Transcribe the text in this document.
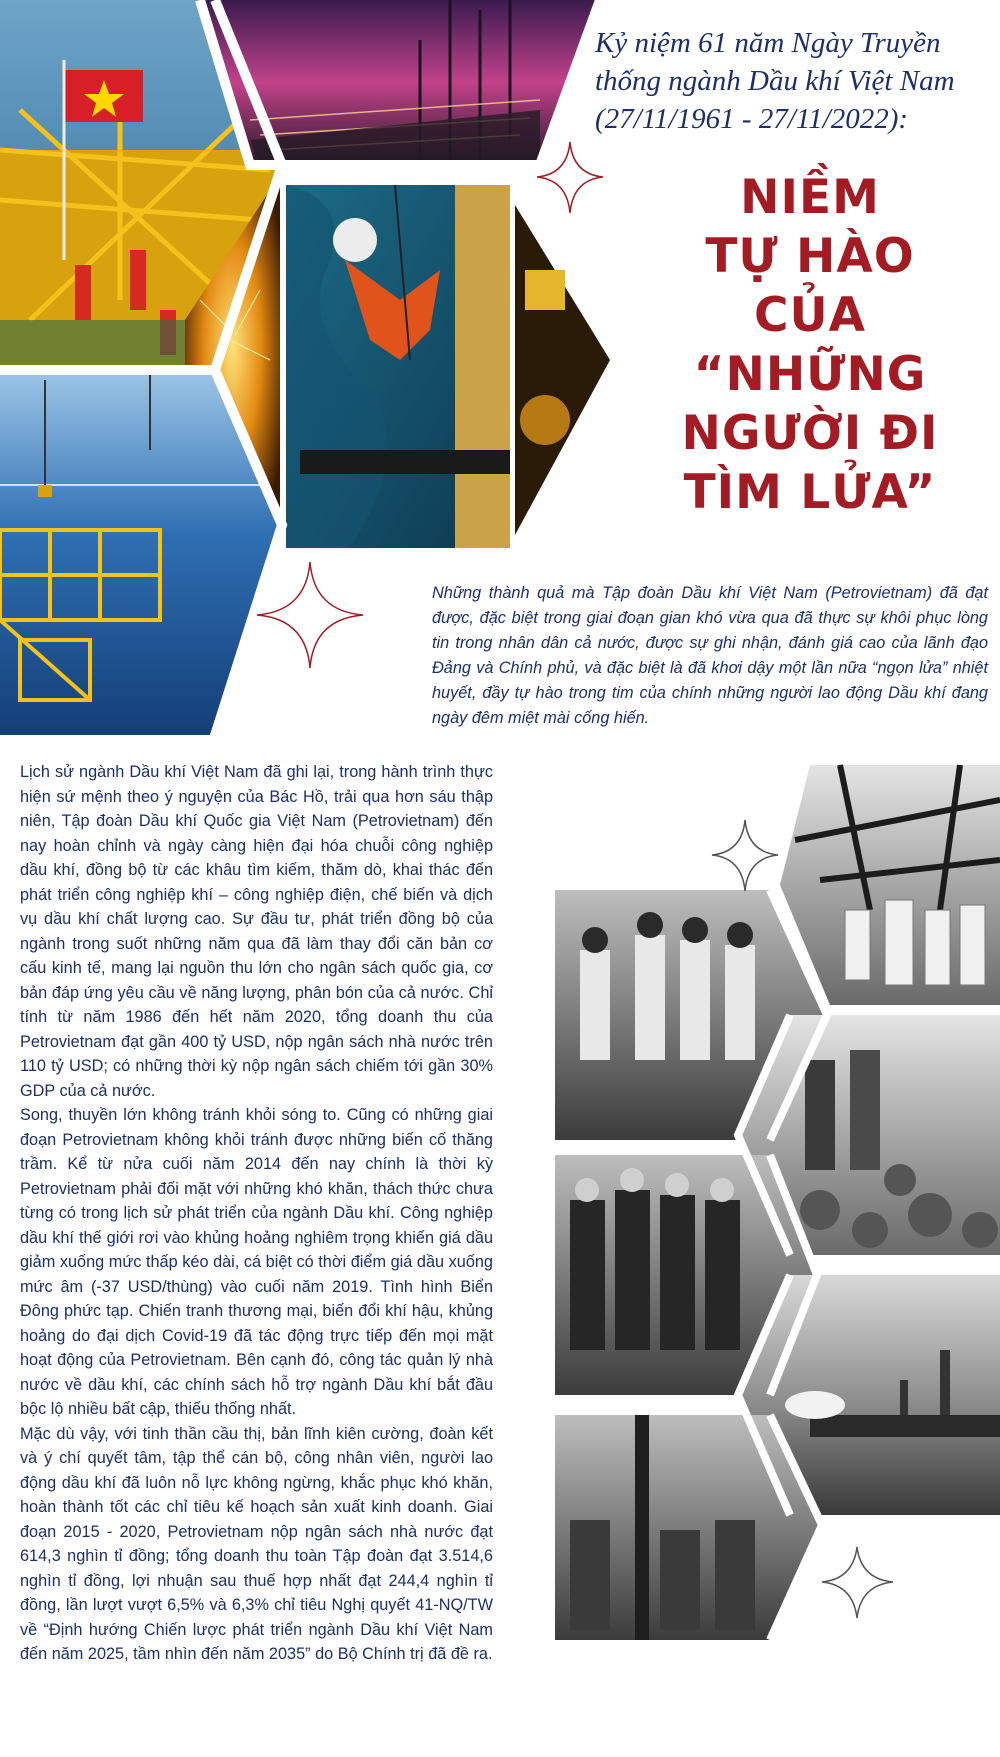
Kỷ niệm 61 năm Ngày Truyền thống ngành Dầu khí Việt Nam (27/11/1961 - 27/11/2022):
NIỀM
TỰ HÀO
CỦA
“NHỮNG
NGƯỜI ĐI
TÌM LỬA”
Những thành quả mà Tập đoàn Dầu khí Việt Nam (Petrovietnam) đã đạt được, đặc biệt trong giai đoạn gian khó vừa qua đã thực sự khôi phục lòng tin trong nhân dân cả nước, được sự ghi nhận, đánh giá cao của lãnh đạo Đảng và Chính phủ, và đặc biệt là đã khơi dậy một lần nữa “ngọn lửa” nhiệt huyết, đầy tự hào trong tim của chính những người lao động Dầu khí đang ngày đêm miệt mài cống hiến.

Lịch sử ngành Dầu khí Việt Nam đã ghi lại, trong hành trình thực hiện sứ mệnh theo ý nguyện của Bác Hồ, trải qua hơn sáu thập niên, Tập đoàn Dầu khí Quốc gia Việt Nam (Petrovietnam) đến nay hoàn chỉnh và ngày càng hiện đại hóa chuỗi công nghiệp dầu khí, đồng bộ từ các khâu tìm kiếm, thăm dò, khai thác đến phát triển công nghiệp khí – công nghiệp điện, chế biến và dịch vụ dầu khí chất lượng cao. Sự đầu tư, phát triển đồng bộ của ngành trong suốt những năm qua đã làm thay đổi căn bản cơ cấu kinh tế, mang lại nguồn thu lớn cho ngân sách quốc gia, cơ bản đáp ứng yêu cầu về năng lượng, phân bón của cả nước. Chỉ tính từ năm 1986 đến hết năm 2020, tổng doanh thu của Petrovietnam đạt gần 400 tỷ USD, nộp ngân sách nhà nước trên 110 tỷ USD; có những thời kỳ nộp ngân sách chiếm tới gần 30% GDP của cả nước.

Song, thuyền lớn không tránh khỏi sóng to. Cũng có những giai đoạn Petrovietnam không khỏi tránh được những biến cố thăng trầm. Kể từ nửa cuối năm 2014 đến nay chính là thời kỳ Petrovietnam phải đối mặt với những khó khăn, thách thức chưa từng có trong lịch sử phát triển của ngành Dầu khí. Công nghiệp dầu khí thế giới rơi vào khủng hoảng nghiêm trọng khiến giá dầu giảm xuống mức thấp kéo dài, cá biệt có thời điểm giá dầu xuống mức âm (-37 USD/thùng) vào cuối năm 2019. Tình hình Biển Đông phức tạp. Chiến tranh thương mại, biến đổi khí hậu, khủng hoảng do đại dịch Covid-19 đã tác động trực tiếp đến mọi mặt hoạt động của Petrovietnam. Bên cạnh đó, công tác quản lý nhà nước về dầu khí, các chính sách hỗ trợ ngành Dầu khí bắt đầu bộc lộ nhiều bất cập, thiếu thống nhất.

Mặc dù vậy, với tinh thần cầu thị, bản lĩnh kiên cường, đoàn kết và ý chí quyết tâm, tập thể cán bộ, công nhân viên, người lao động dầu khí đã luôn nỗ lực không ngừng, khắc phục khó khăn, hoàn thành tốt các chỉ tiêu kế hoạch sản xuất kinh doanh. Giai đoạn 2015 - 2020, Petrovietnam nộp ngân sách nhà nước đạt 614,3 nghìn tỉ đồng; tổng doanh thu toàn Tập đoàn đạt 3.514,6 nghìn tỉ đồng, lợi nhuận sau thuế hợp nhất đạt 244,4 nghìn tỉ đồng, lần lượt vượt 6,5% và 6,3% chỉ tiêu Nghị quyết 41-NQ/TW về “Định hướng Chiến lược phát triển ngành Dầu khí Việt Nam đến năm 2025, tầm nhìn đến năm 2035” do Bộ Chính trị đã đề ra.
